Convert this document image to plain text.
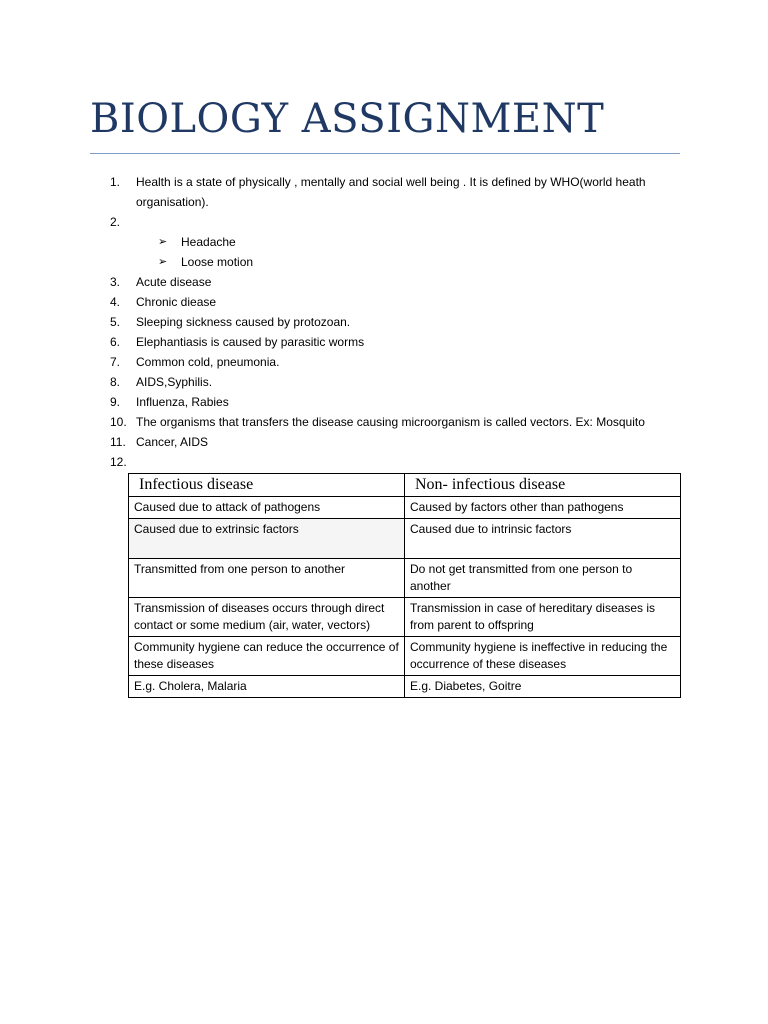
BIOLOGY ASSIGNMENT
1.	Health is a state of physically , mentally and social well being . It is defined by WHO(world heath organisation).
2.
➢ Headache
➢ Loose motion
3.	Acute disease
4.	Chronic diease
5.	Sleeping sickness caused by protozoan.
6.	Elephantiasis is caused by parasitic worms
7.	Common cold, pneumonia.
8.	AIDS,Syphilis.
9.	Influenza, Rabies
10. The organisms that transfers the disease causing microorganism is called vectors. Ex: Mosquito
11. Cancer, AIDS
12.
Infectious disease	Non- infectious disease
Caused due to attack of pathogens	Caused by factors other than pathogens
Caused due to extrinsic factors	Caused due to intrinsic factors
Transmitted from one person to another	Do not get transmitted from one person to another
Transmission of diseases occurs through direct contact or some medium (air, water, vectors)	Transmission in case of hereditary diseases is from parent to offspring
Community hygiene can reduce the occurrence of these diseases	Community hygiene is ineffective in reducing the occurrence of these diseases
E.g. Cholera, Malaria	E.g. Diabetes, Goitre
